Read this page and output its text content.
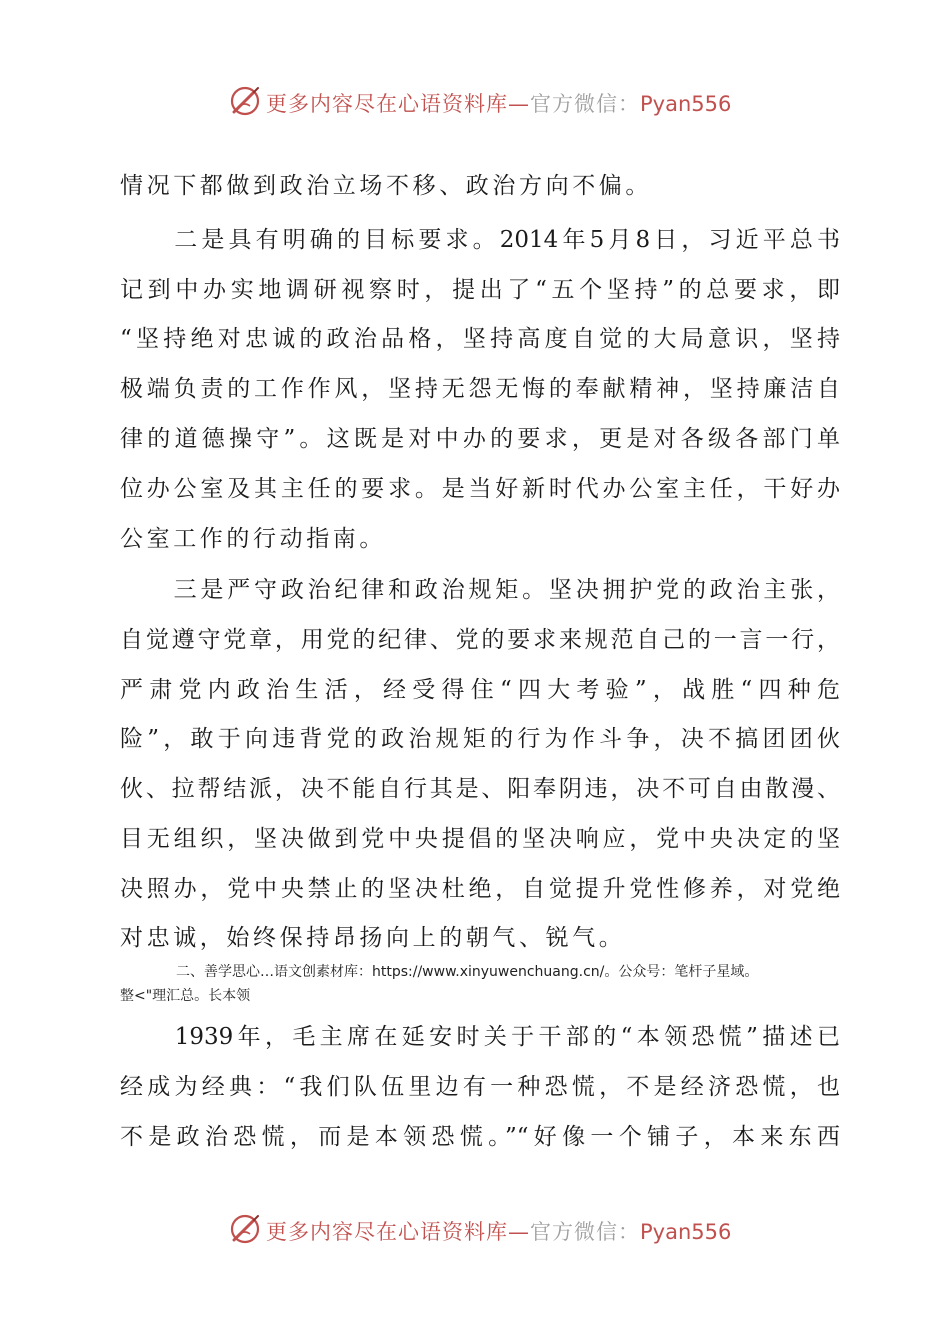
更多内容尽在心语资料库—官方微信：Pyan556
情况下都做到政治立场不移、政治方向不偏。
　　二是具有明确的目标要求。2014年5月8日，习近平总书
记到中办实地调研视察时，提出了“五个坚持”的总要求，即
“坚持绝对忠诚的政治品格，坚持高度自觉的大局意识，坚持
极端负责的工作作风，坚持无怨无悔的奉献精神，坚持廉洁自
律的道德操守”。这既是对中办的要求，更是对各级各部门单
位办公室及其主任的要求。是当好新时代办公室主任，干好办
公室工作的行动指南。
　　三是严守政治纪律和政治规矩。坚决拥护党的政治主张，
自觉遵守党章，用党的纪律、党的要求来规范自己的一言一行，
严肃党内政治生活，经受得住“四大考验”，战胜“四种危
险”，敢于向违背党的政治规矩的行为作斗争，决不搞团团伙
伙、拉帮结派，决不能自行其是、阳奉阴违，决不可自由散漫、
目无组织，坚决做到党中央提倡的坚决响应，党中央决定的坚
决照办，党中央禁止的坚决杜绝，自觉提升党性修养，对党绝
对忠诚，始终保持昂扬向上的朝气、锐气。
　　　　二、善学思心…语文创素材库：https://www.xinyuwenchuang.cn/。公众号：笔杆子星域。
整<"理汇总。长本领
　　1939年，毛主席在延安时关于干部的“本领恐慌”描述已
经成为经典：“我们队伍里边有一种恐慌，不是经济恐慌，也
不是政治恐慌，而是本领恐慌。”“好像一个铺子，本来东西
更多内容尽在心语资料库—官方微信：Pyan556
